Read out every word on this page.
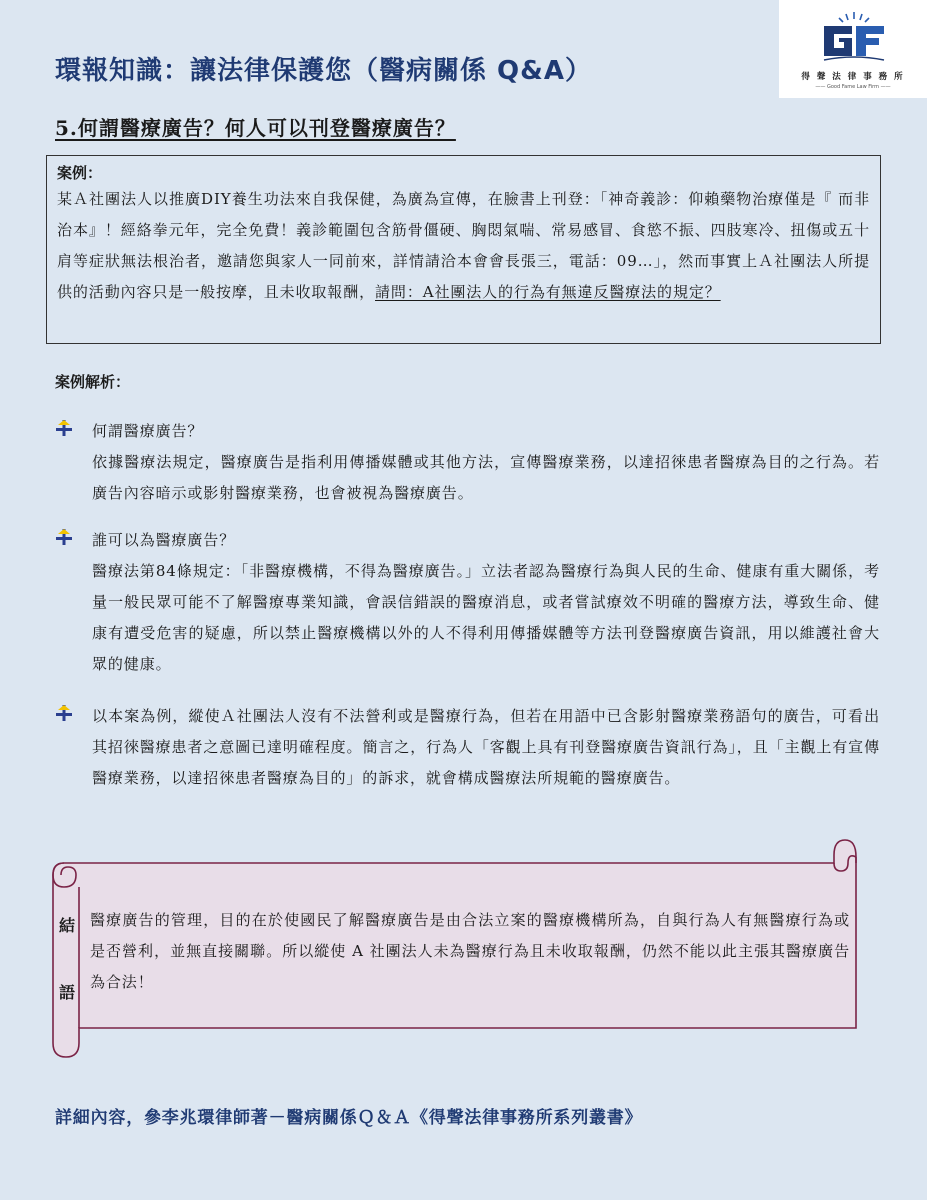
環報知識：讓法律保護您（醫病關係 Q&A）	得 聲 法 律 事 務 所
—— Good Fame Law Firm ——
5.何謂醫療廣告？何人可以刊登醫療廣告？
案例：
某Ａ社團法人以推廣DIY養生功法來自我保健，為廣為宣傳，在臉書上刊登：「神奇義診：仰賴藥物治療僅是『 而非治本』！經絡拳元年，完全免費！義診範圍包含筋骨僵硬、胸悶氣喘、常易感冒、食慾不振、四肢寒冷、扭傷或五十肩等症狀無法根治者，邀請您與家人一同前來，詳情請洽本會會長張三，電話：09…」，然而事實上Ａ社團法人所提供的活動內容只是一般按摩，且未收取報酬，請問：A社團法人的行為有無違反醫療法的規定？
案例解析：
何謂醫療廣告？
依據醫療法規定，醫療廣告是指利用傳播媒體或其他方法，宣傳醫療業務，以達招徠患者醫療為目的之行為。若廣告內容暗示或影射醫療業務，也會被視為醫療廣告。
誰可以為醫療廣告？
醫療法第84條規定：「非醫療機構，不得為醫療廣告。」立法者認為醫療行為與人民的生命、健康有重大關係，考量一般民眾可能不了解醫療專業知識，會誤信錯誤的醫療消息，或者嘗試療效不明確的醫療方法，導致生命、健康有遭受危害的疑慮，所以禁止醫療機構以外的人不得利用傳播媒體等方法刊登醫療廣告資訊，用以維護社會大眾的健康。
以本案為例，縱使Ａ社團法人沒有不法營利或是醫療行為，但若在用語中已含影射醫療業務語句的廣告，可看出其招徠醫療患者之意圖已達明確程度。簡言之，行為人「客觀上具有刊登醫療廣告資訊行為」，且「主觀上有宣傳醫療業務，以達招徠患者醫療為目的」的訴求，就會構成醫療法所規範的醫療廣告。
結
語
醫療廣告的管理，目的在於使國民了解醫療廣告是由合法立案的醫療機構所為，自與行為人有無醫療行為或是否營利，並無直接關聯。所以縱使 A 社團法人未為醫療行為且未收取報酬，仍然不能以此主張其醫療廣告為合法！
詳細內容，參李兆環律師著－醫病關係Ｑ＆Ａ《得聲法律事務所系列叢書》
